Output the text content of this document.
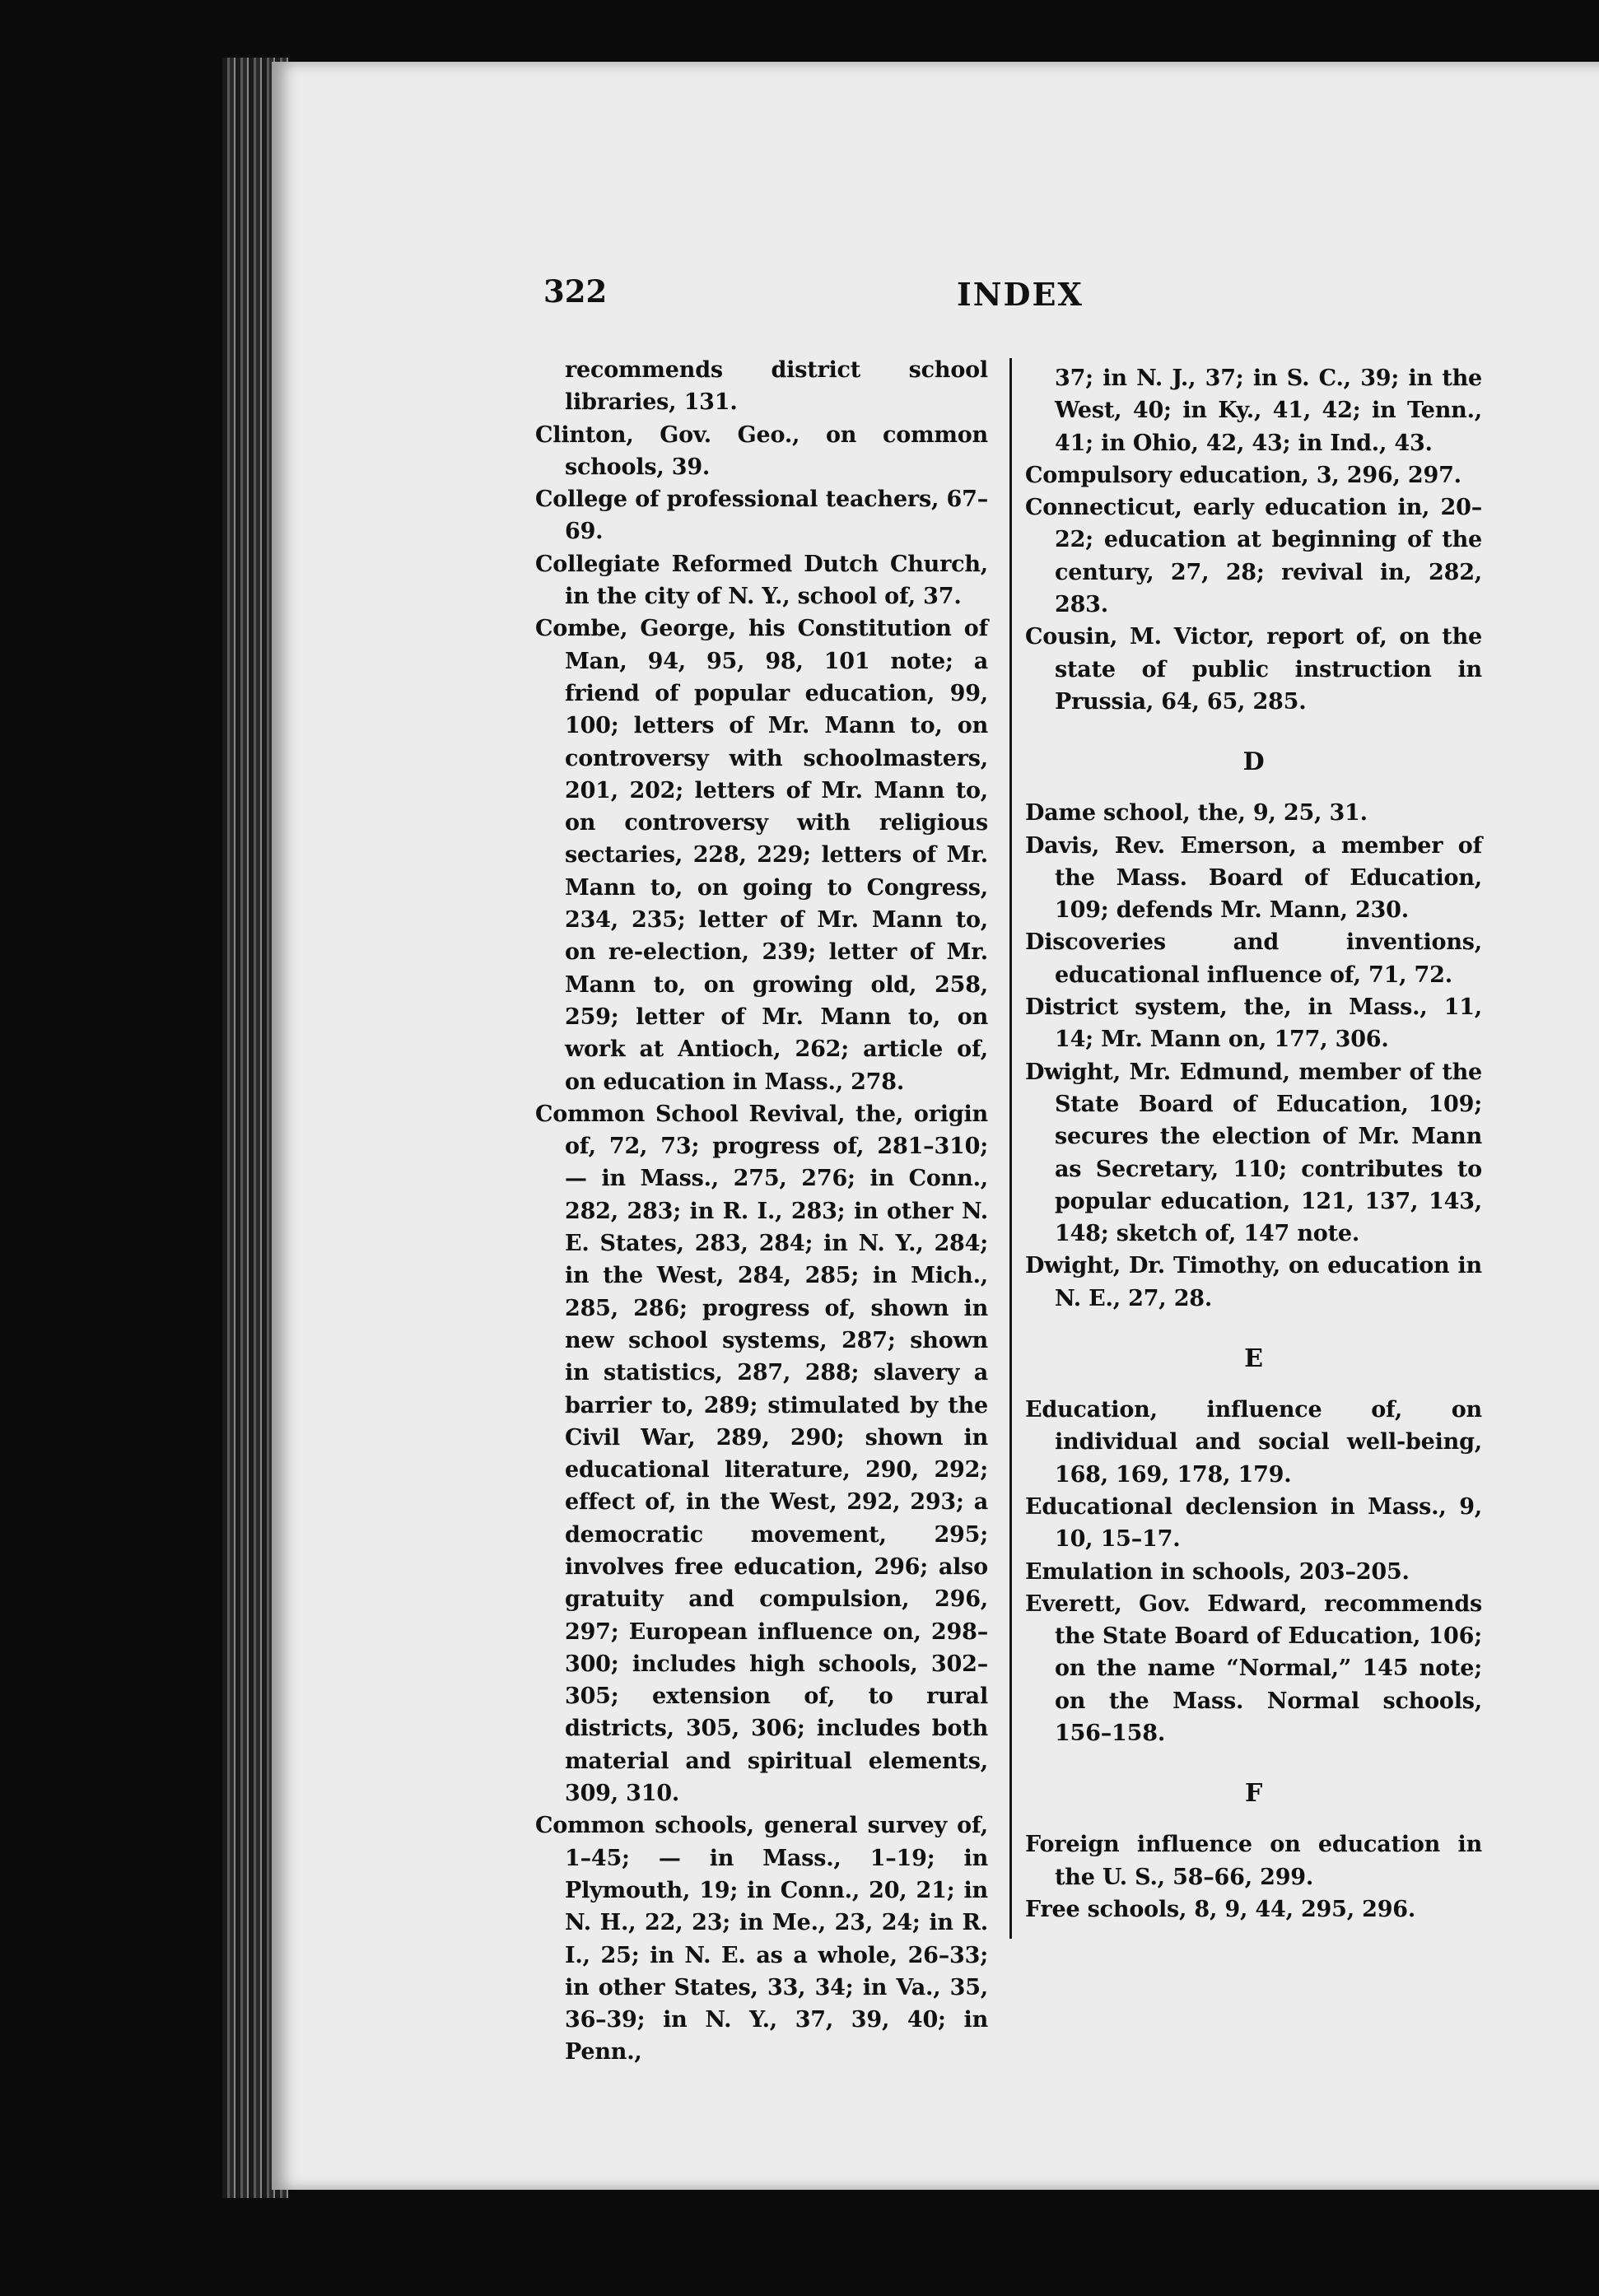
322	INDEX

recommends district school libraries, 131.

Clinton, Gov. Geo., on common schools, 39.

College of professional teachers, 67–69.

Collegiate Reformed Dutch Church, in the city of N. Y., school of, 37.

Combe, George, his Constitution of Man, 94, 95, 98, 101 note; a friend of popular education, 99, 100; letters of Mr. Mann to, on controversy with schoolmasters, 201, 202; letters of Mr. Mann to, on controversy with religious sectaries, 228, 229; letters of Mr. Mann to, on going to Congress, 234, 235; letter of Mr. Mann to, on re-election, 239; letter of Mr. Mann to, on growing old, 258, 259; letter of Mr. Mann to, on work at Antioch, 262; article of, on education in Mass., 278.

Common School Revival, the, origin of, 72, 73; progress of, 281–310; — in Mass., 275, 276; in Conn., 282, 283; in R. I., 283; in other N. E. States, 283, 284; in N. Y., 284; in the West, 284, 285; in Mich., 285, 286; progress of, shown in new school systems, 287; shown in statistics, 287, 288; slavery a barrier to, 289; stimulated by the Civil War, 289, 290; shown in educational literature, 290, 292; effect of, in the West, 292, 293; a democratic movement, 295; involves free education, 296; also gratuity and compulsion, 296, 297; European influence on, 298–300; includes high schools, 302–305; extension of, to rural districts, 305, 306; includes both material and spiritual elements, 309, 310.

Common schools, general survey of, 1–45; — in Mass., 1–19; in Plymouth, 19; in Conn., 20, 21; in N. H., 22, 23; in Me., 23, 24; in R. I., 25; in N. E. as a whole, 26–33; in other States, 33, 34; in Va., 35, 36–39; in N. Y., 37, 39, 40; in Penn.,

37; in N. J., 37; in S. C., 39; in the West, 40; in Ky., 41, 42; in Tenn., 41; in Ohio, 42, 43; in Ind., 43.

Compulsory education, 3, 296, 297.

Connecticut, early education in, 20–22; education at beginning of the century, 27, 28; revival in, 282, 283.

Cousin, M. Victor, report of, on the state of public instruction in Prussia, 64, 65, 285.

D

Dame school, the, 9, 25, 31.

Davis, Rev. Emerson, a member of the Mass. Board of Education, 109; defends Mr. Mann, 230.

Discoveries and inventions, educational influence of, 71, 72.

District system, the, in Mass., 11, 14; Mr. Mann on, 177, 306.

Dwight, Mr. Edmund, member of the State Board of Education, 109; secures the election of Mr. Mann as Secretary, 110; contributes to popular education, 121, 137, 143, 148; sketch of, 147 note.

Dwight, Dr. Timothy, on education in N. E., 27, 28.

E

Education, influence of, on individual and social well-being, 168, 169, 178, 179.

Educational declension in Mass., 9, 10, 15–17.

Emulation in schools, 203–205.

Everett, Gov. Edward, recommends the State Board of Education, 106; on the name “Normal,” 145 note; on the Mass. Normal schools, 156–158.

F

Foreign influence on education in the U. S., 58–66, 299.

Free schools, 8, 9, 44, 295, 296.
